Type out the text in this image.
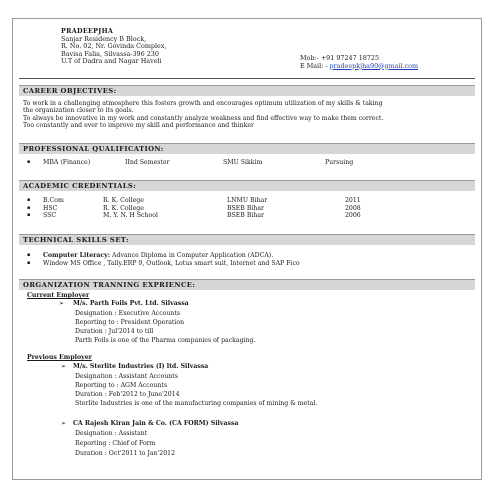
PRADEEPJHA
Sanjar Residency B Block,
R. No. 02, Nr. Govinda Complex,
Bavisa Falia, Silvassa-396 230
U.T of Dadra and Nagar Haveli	Mob:- +91 97247 18725
E Mail: - pradeepkjha90@gmail.com
CAREER OBJECTIVES:
To work in a challenging atmosphere this fosters growth and encourages optimum utilization of my skills & taking
the organization closer to its goals.
To always be innovative in my work and constantly analyze weakness and find effective way to make them correct.
Too constantly and ever to improve my skill and performance and thinker
PROFESSIONAL QUALIFICATION:
▪ MBA (Finance)	IInd Semester	SMU Sikkim	Pursuing
ACADEMIC CREDENTIALS:
▪ B.Com	R. K. College	LNMU Bihar	2011
▪ HSC	R. K. College	BSEB Bihar	2008
▪ SSC	M. Y. N. H School	BSEB Bihar	2006
TECHNICAL SKILLS SET:
▪ Computer Literacy: Advance Diploma in Computer Application (ADCA).
▪ Window MS Office , Tally.ERP 9, Outlook, Lotus smart suit, Internet and SAP Fico
ORGANIZATION TRANNING EXPRIENCE:
Current Employer
➢ M/s. Parth Foils Pvt. Ltd. Silvassa
Designation : Executive Accounts
Reporting to : President Operation
Duration : Jul'2014 to till
Parth Foils is one of the Pharma companies of packaging.
Previous Employer
➢ M/s. Sterlite Industries (I) ltd. Silvassa
Designation : Assistant Accounts
Reporting to : AGM Accounts
Duration : Feb'2012 to June'2014
Sterlite Industries is one of the manufacturing companies of mining & metal.
➢ CA Rajesh Kiran Jain & Co. (CA FORM) Silvassa
Designation : Assistant
Reporting : Chief of Form
Duration : Oct'2011 to Jan'2012
